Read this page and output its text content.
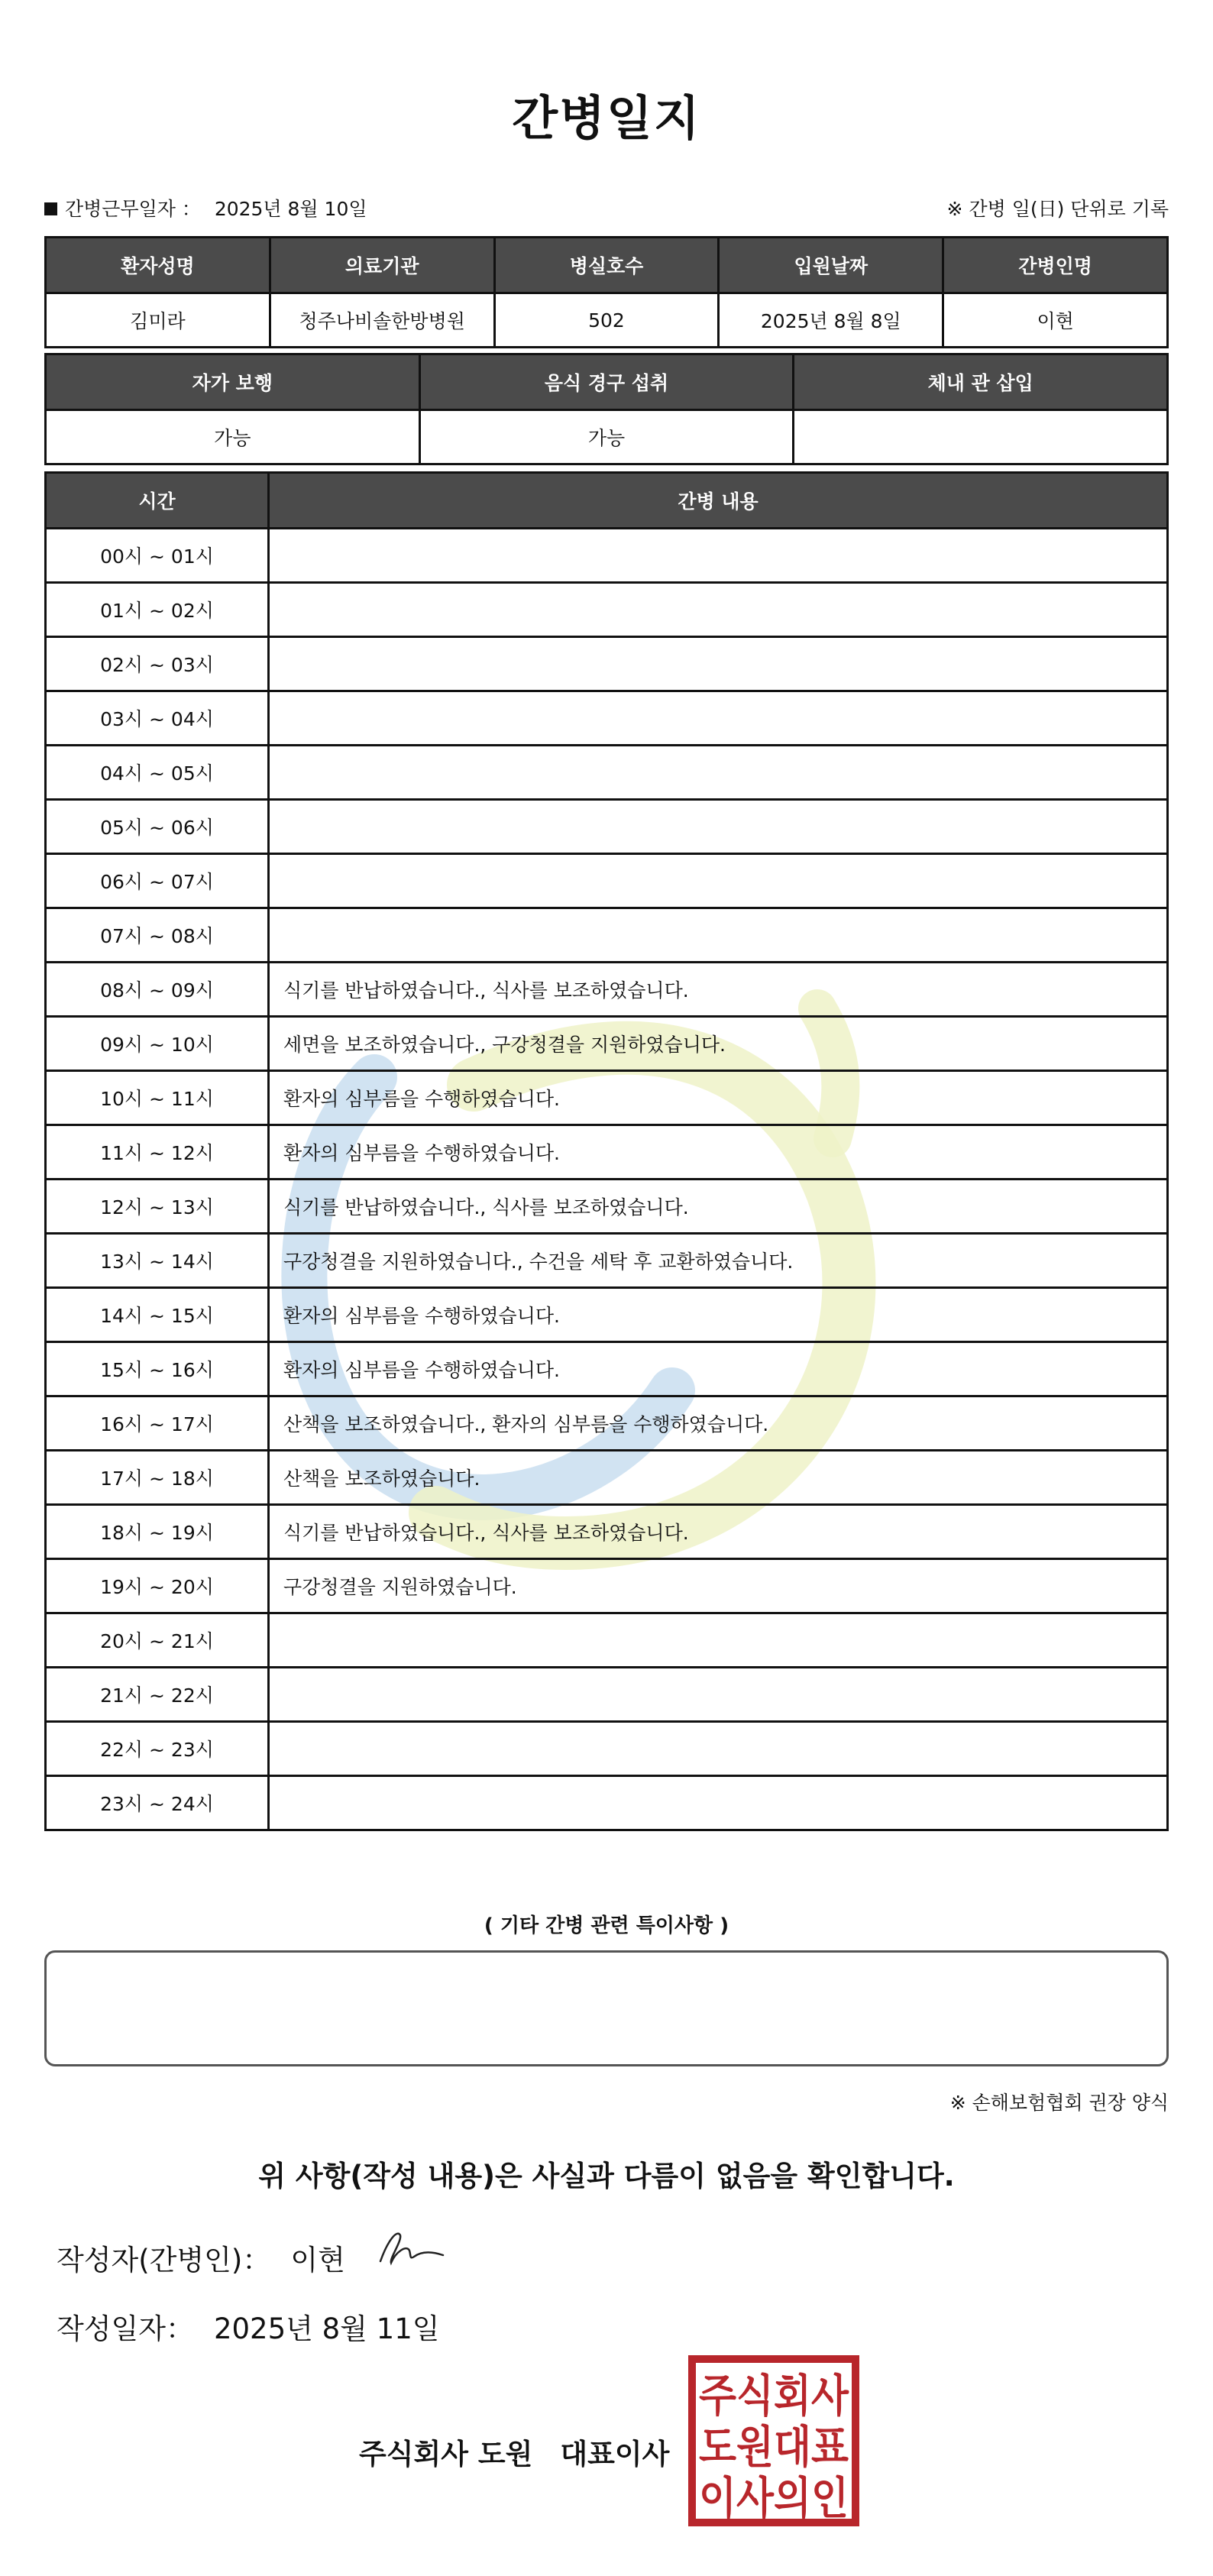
간병일지
간병근무일자 ： 2025년 8월 10일	※ 간병 일(日) 단위로 기록
환자성명	의료기관	병실호수	입원날짜	간병인명
김미라	청주나비솔한방병원	502	2025년 8월 8일	이현
자가 보행	음식 경구 섭취	체내 관 삽입
가능	가능	
시간	간병 내용
00시 ~ 01시	
01시 ~ 02시	
02시 ~ 03시	
03시 ~ 04시	
04시 ~ 05시	
05시 ~ 06시	
06시 ~ 07시	
07시 ~ 08시	
08시 ~ 09시	식기를 반납하였습니다., 식사를 보조하였습니다.
09시 ~ 10시	세면을 보조하였습니다., 구강청결을 지원하였습니다.
10시 ~ 11시	환자의 심부름을 수행하였습니다.
11시 ~ 12시	환자의 심부름을 수행하였습니다.
12시 ~ 13시	식기를 반납하였습니다., 식사를 보조하였습니다.
13시 ~ 14시	구강청결을 지원하였습니다., 수건을 세탁 후 교환하였습니다.
14시 ~ 15시	환자의 심부름을 수행하였습니다.
15시 ~ 16시	환자의 심부름을 수행하였습니다.
16시 ~ 17시	산책을 보조하였습니다., 환자의 심부름을 수행하였습니다.
17시 ~ 18시	산책을 보조하였습니다.
18시 ~ 19시	식기를 반납하였습니다., 식사를 보조하였습니다.
19시 ~ 20시	구강청결을 지원하였습니다.
20시 ~ 21시	
21시 ~ 22시	
22시 ~ 23시	
23시 ~ 24시	
( 기타 간병 관련 특이사항 )
※ 손해보험협회 권장 양식
위 사항(작성 내용)은 사실과 다름이 없음을 확인합니다.
작성자(간병인)： 이현
작성일자： 2025년 8월 11일
주식회사 도원 대표이사
주식회사
도원대표
이사의인
